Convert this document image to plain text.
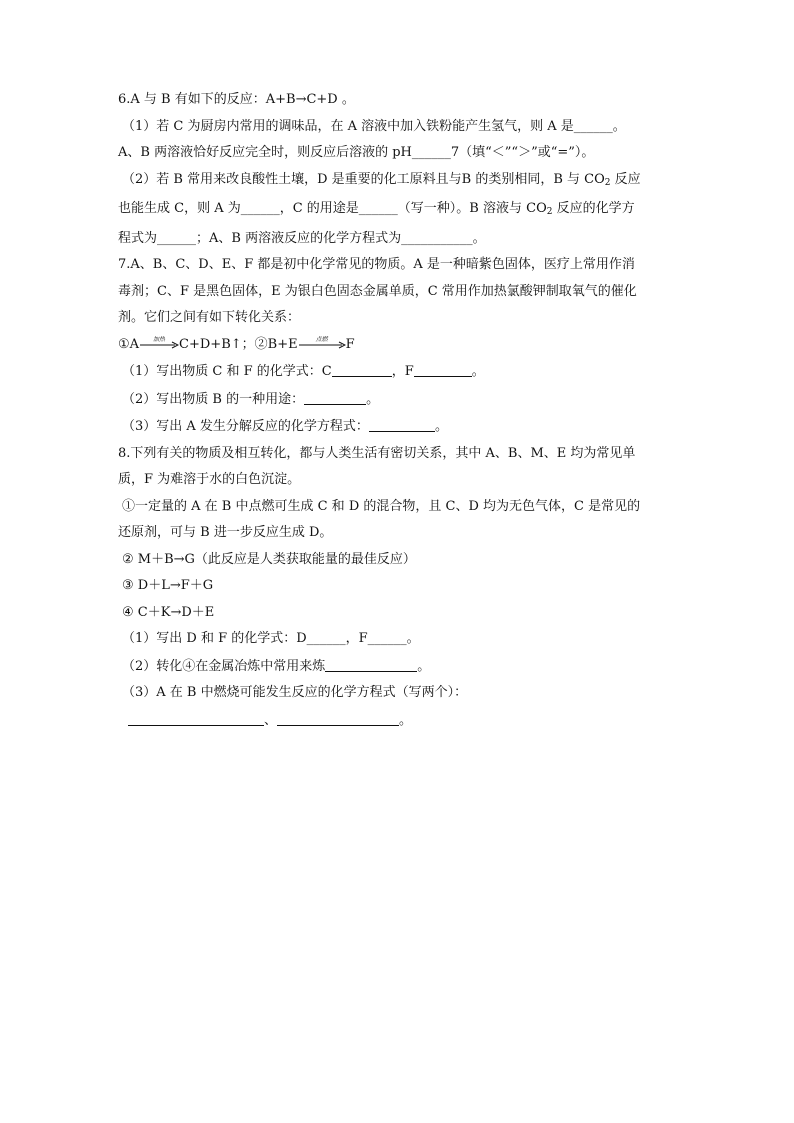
6.A 与 B 有如下的反应：A+B→C+D 。
（1）若 C 为厨房内常用的调味品，在 A 溶液中加入铁粉能产生氢气，则 A 是______。
A、B 两溶液恰好反应完全时，则反应后溶液的 pH______7（填“＜”“＞”或“=”）。
（2）若 B 常用来改良酸性土壤，D 是重要的化工原料且与B 的类别相同，B 与 $CO_2$ 反应
也能生成 C，则 A 为______，C 的用途是______（写一种）。B 溶液与 $CO_2$ 反应的化学方
程式为______；A、B 两溶液反应的化学方程式为___________。
7.A、B、C、D、E、F 都是初中化学常见的物质。A 是一种暗紫色固体，医疗上常用作消
毒剂；C、F 是黑色固体，E 为银白色固态金属单质，C 常用作加热氯酸钾制取氧气的催化
剂。它们之间有如下转化关系：
①A	加热	C+D+B↑；②B+E	点燃	F
（1）写出物质 C 和 F 的化学式：C	，F	。
（2）写出物质 B 的一种用途：	。
（3）写出 A 发生分解反应的化学方程式：	。
8.下列有关的物质及相互转化，都与人类生活有密切关系，其中 A、B、M、E 均为常见单
质，F 为难溶于水的白色沉淀。
①一定量的 A 在 B 中点燃可生成 C 和 D 的混合物，且 C、D 均为无色气体，C 是常见的
还原剂，可与 B 进一步反应生成 D。
② M＋B→G（此反应是人类获取能量的最佳反应）
③ D＋L→F＋G
④ C＋K→D＋E
（1）写出 D 和 F 的化学式：D______，F______。
（2）转化④在金属冶炼中常用来炼	。
（3）A 在 B 中燃烧可能发生反应的化学方程式（写两个）：
、	。
